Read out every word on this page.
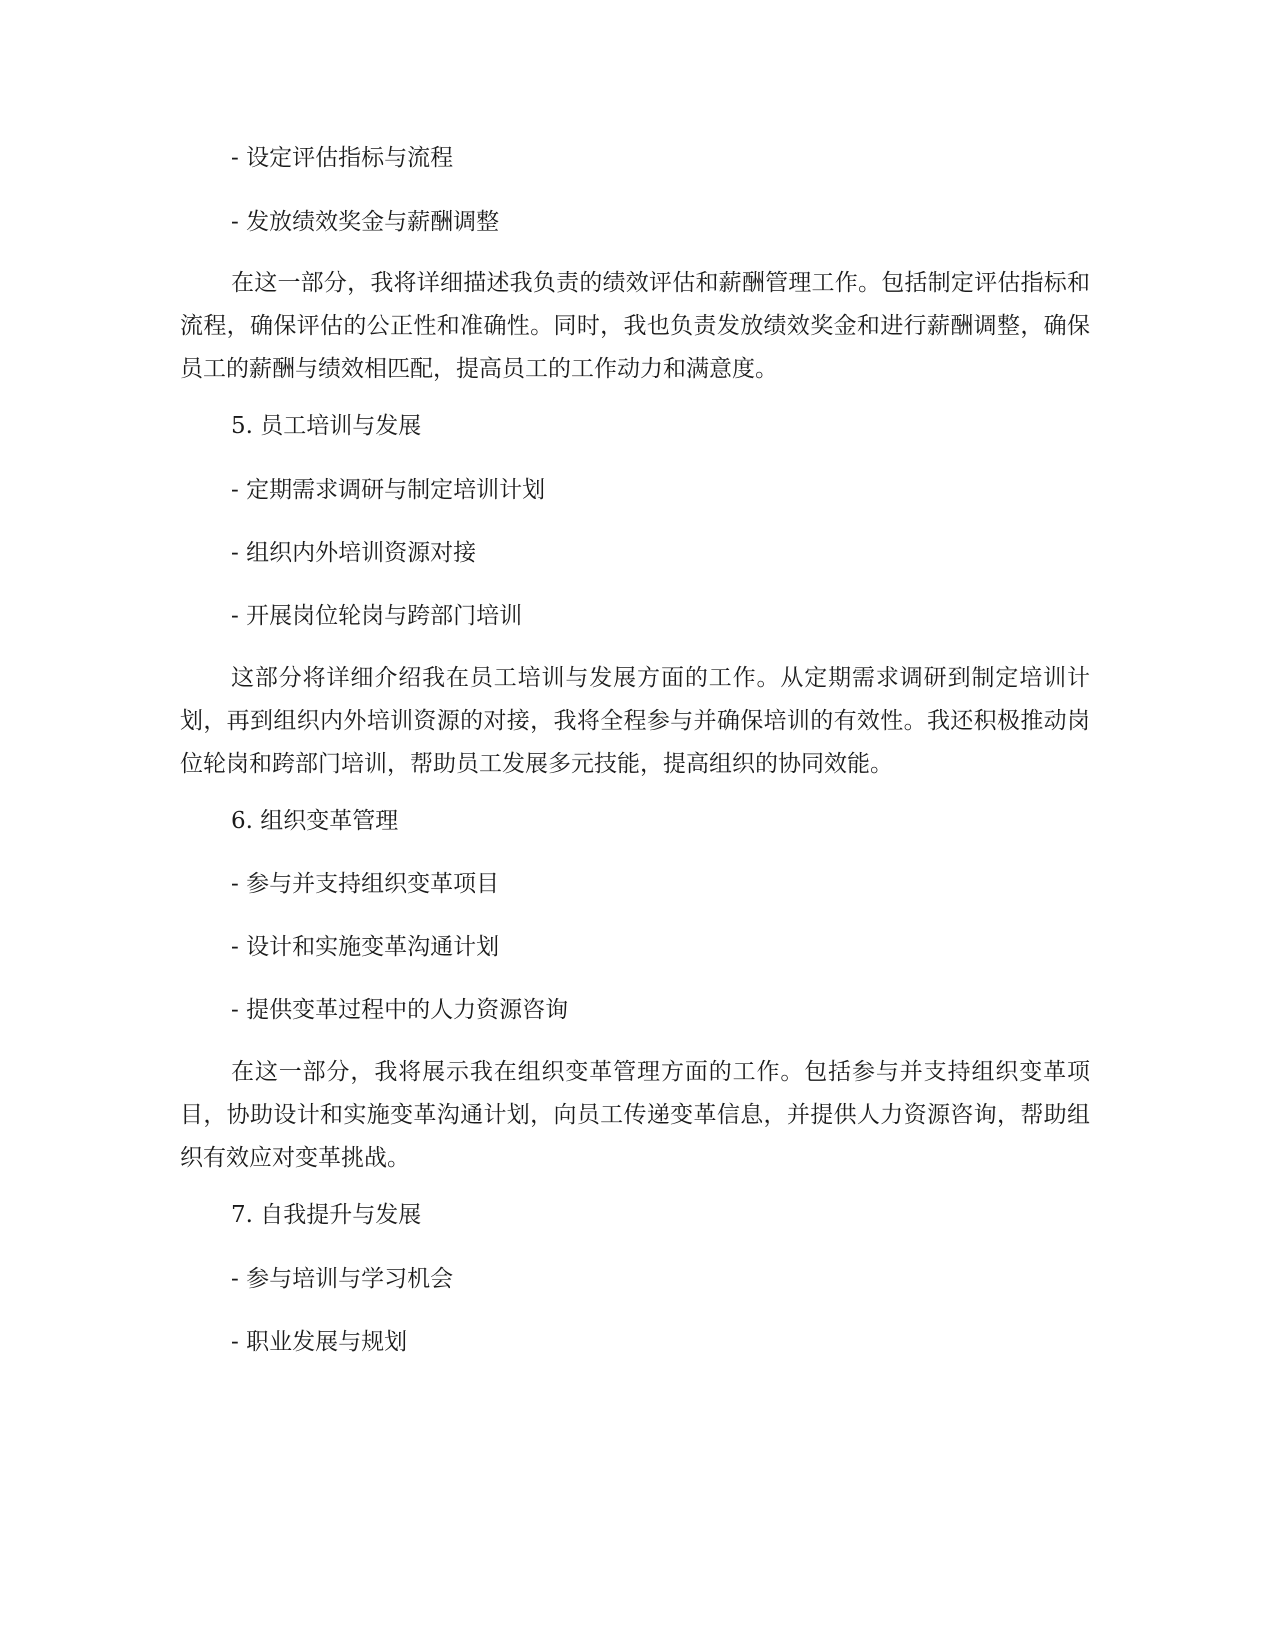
- 设定评估指标与流程
- 发放绩效奖金与薪酬调整
在这一部分，我将详细描述我负责的绩效评估和薪酬管理工作。包括制定评估指标和流程，确保评估的公正性和准确性。同时，我也负责发放绩效奖金和进行薪酬调整，确保员工的薪酬与绩效相匹配，提高员工的工作动力和满意度。
5. 员工培训与发展
- 定期需求调研与制定培训计划
- 组织内外培训资源对接
- 开展岗位轮岗与跨部门培训
这部分将详细介绍我在员工培训与发展方面的工作。从定期需求调研到制定培训计划，再到组织内外培训资源的对接，我将全程参与并确保培训的有效性。我还积极推动岗位轮岗和跨部门培训，帮助员工发展多元技能，提高组织的协同效能。
6. 组织变革管理
- 参与并支持组织变革项目
- 设计和实施变革沟通计划
- 提供变革过程中的人力资源咨询
在这一部分，我将展示我在组织变革管理方面的工作。包括参与并支持组织变革项目，协助设计和实施变革沟通计划，向员工传递变革信息，并提供人力资源咨询，帮助组织有效应对变革挑战。
7. 自我提升与发展
- 参与培训与学习机会
- 职业发展与规划
